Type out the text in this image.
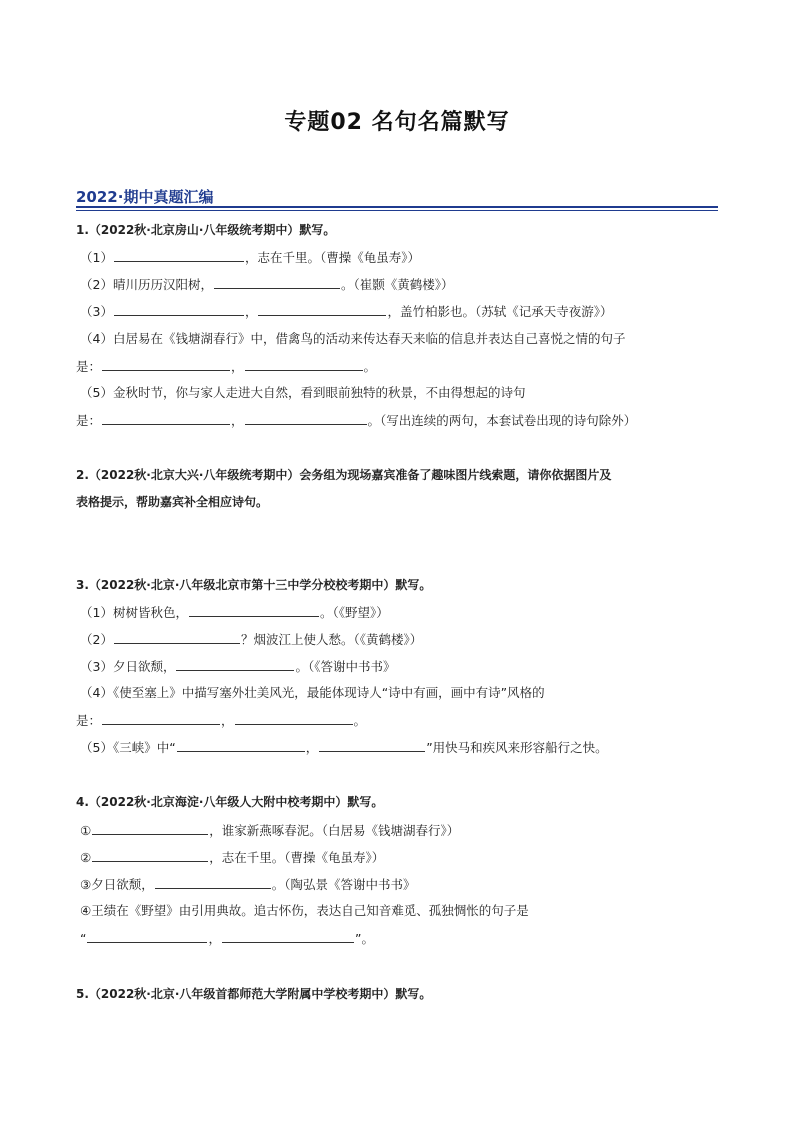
专题02 名句名篇默写
2022·期中真题汇编
1.（2022秋·北京房山·八年级统考期中）默写。
（1）	，志在千里。（曹操《龟虽寿》）
（2）晴川历历汉阳树，	。（崔颢《黄鹤楼》）
（3）	，	，盖竹柏影也。（苏轼《记承天寺夜游》）
（4）白居易在《钱塘湖春行》中，借禽鸟的活动来传达春天来临的信息并表达自己喜悦之情的句子
是：	，	。
（5）金秋时节，你与家人走进大自然，看到眼前独特的秋景，不由得想起的诗句
是：	，	。（写出连续的两句，本套试卷出现的诗句除外）
2.（2022秋·北京大兴·八年级统考期中）会务组为现场嘉宾准备了趣味图片线索题，请你依据图片及
表格提示，帮助嘉宾补全相应诗句。
3.（2022秋·北京·八年级北京市第十三中学分校校考期中）默写。
（1）树树皆秋色，	。（《野望》）
（2）	？烟波江上使人愁。（《黄鹤楼》）
（3）夕日欲颓，	。（《答谢中书书》
（4）《使至塞上》中描写塞外壮美风光，最能体现诗人“诗中有画，画中有诗”风格的
是：	，	。
（5）《三峡》中“	，	”用快马和疾风来形容船行之快。
4.（2022秋·北京海淀·八年级人大附中校考期中）默写。
①	，谁家新燕啄春泥。（白居易《钱塘湖春行》）
②	，志在千里。（曹操《龟虽寿》）
③夕日欲颓，	。（陶弘景《答谢中书书》
④王绩在《野望》由引用典故。追古怀伤，表达自己知音难觅、孤独惆怅的句子是
“	，	”。
5.（2022秋·北京·八年级首都师范大学附属中学校考期中）默写。
